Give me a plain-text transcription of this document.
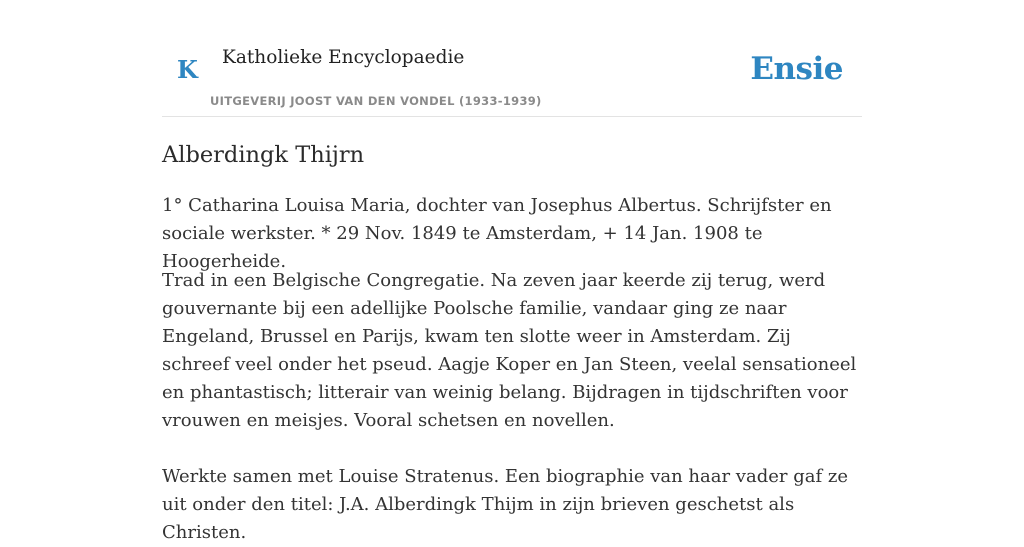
K Katholieke Encyclopaedie
UITGEVERIJ JOOST VAN DEN VONDEL (1933-1939)
Ensie
Alberdingk Thijrn

1° Catharina Louisa Maria, dochter van Josephus Albertus. Schrijfster en sociale werkster. * 29 Nov. 1849 te Amsterdam, + 14 Jan. 1908 te Hoogerheide.

Trad in een Belgische Congregatie. Na zeven jaar keerde zij terug, werd gouvernante bij een adellijke Poolsche familie, vandaar ging ze naar Engeland, Brussel en Parijs, kwam ten slotte weer in Amsterdam. Zij schreef veel onder het pseud. Aagje Koper en Jan Steen, veelal sensationeel en phantastisch; litterair van weinig belang. Bijdragen in tijdschriften voor vrouwen en meisjes. Vooral schetsen en novellen.

Werkte samen met Louise Stratenus. Een biographie van haar vader gaf ze uit onder den titel: J.A. Alberdingk Thijm in zijn brieven geschetst als Christen.
